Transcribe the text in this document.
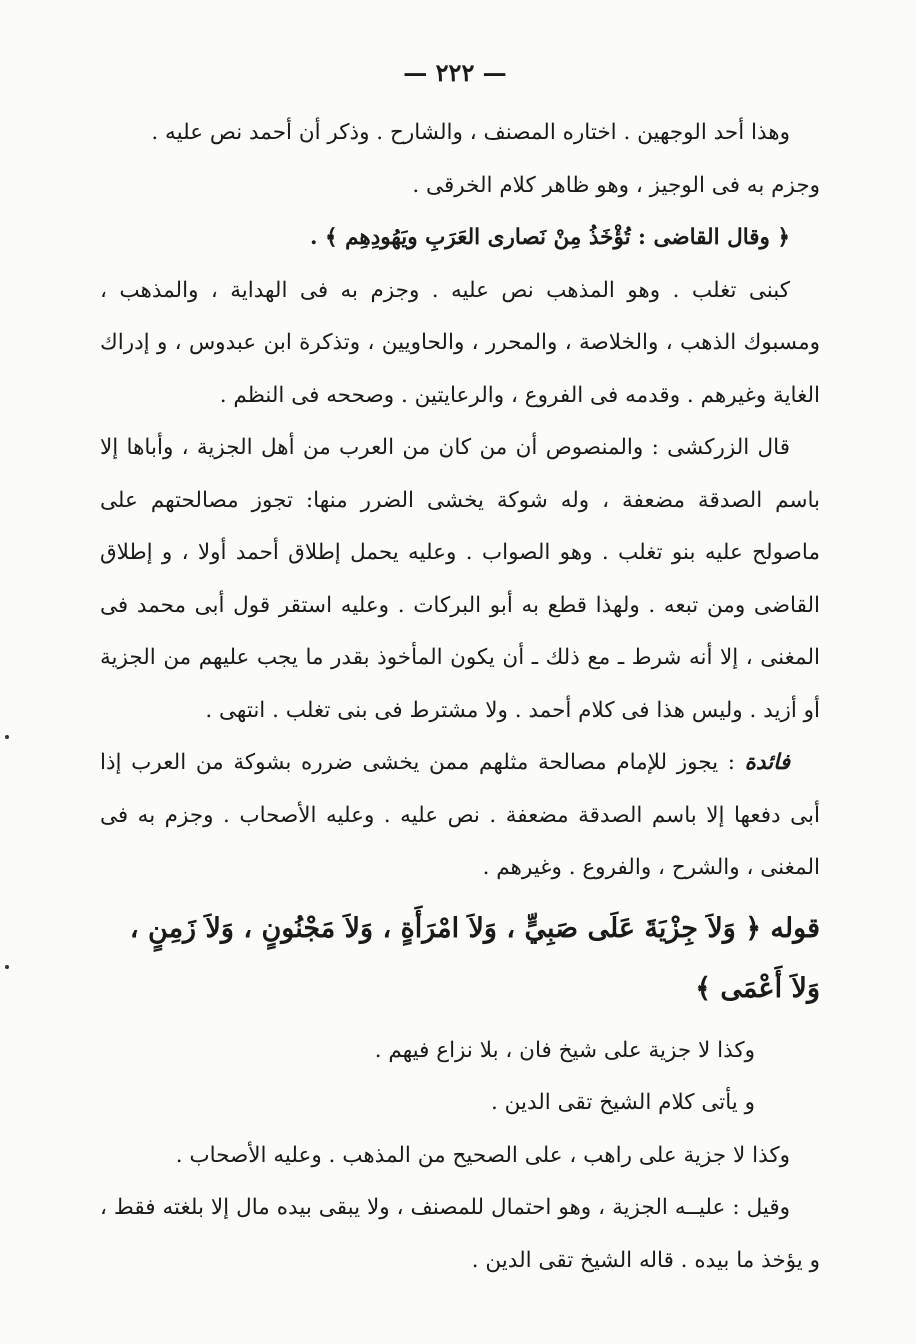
— ٢٢٢ —

وهذا أحد الوجهين . اختاره المصنف ، والشارح . وذكر أن أحمد نص عليه .

وجزم به فى الوجيز ، وهو ظاهر كلام الخرقى .

﴿ وقال القاضى : تُؤْخَذُ مِنْ نَصارى العَرَبِ ويَهُودِهِم ﴾ .

كبنى تغلب . وهو المذهب نص عليه . وجزم به فى الهداية ، والمذهب ، ومسبوك الذهب ، والخلاصة ، والمحرر ، والحاويين ، وتذكرة ابن عبدوس ، و إدراك الغاية وغيرهم . وقدمه فى الفروع ، والرعايتين . وصححه فى النظم .

قال الزركشى : والمنصوص أن من كان من العرب من أهل الجزية ، وأباها إلا باسم الصدقة مضعفة ، وله شوكة يخشى الضرر منها: تجوز مصالحتهم على ماصولح عليه بنو تغلب . وهو الصواب . وعليه يحمل إطلاق أحمد أولا ، و إطلاق القاضى ومن تبعه . ولهذا قطع به أبو البركات . وعليه استقر قول أبى محمد فى المغنى ، إلا أنه شرط ـ مع ذلك ـ أن يكون المأخوذ بقدر ما يجب عليهم من الجزية أو أزيد . وليس هذا فى كلام أحمد . ولا مشترط فى بنى تغلب . انتهى .

فائدة : يجوز للإمام مصالحة مثلهم ممن يخشى ضرره بشوكة من العرب إذا أبى دفعها إلا باسم الصدقة مضعفة . نص عليه . وعليه الأصحاب . وجزم به فى المغنى ، والشرح ، والفروع . وغيرهم .

قوله ﴿ وَلاَ جِزْيَةَ عَلَى صَبِيٍّ ، وَلاَ امْرَأَةٍ ، وَلاَ مَجْنُونٍ ، وَلاَ زَمِنٍ ،
وَلاَ أَعْمَى ﴾

وكذا لا جزية على شيخ فان ، بلا نزاع فيهم .

و يأتى كلام الشيخ تقى الدين .

وكذا لا جزية على راهب ، على الصحيح من المذهب . وعليه الأصحاب .

وقيل : عليــه الجزية ، وهو احتمال للمصنف ، ولا يبقى بيده مال إلا بلغته فقط ، و يؤخذ ما بيده . قاله الشيخ تقى الدين .
